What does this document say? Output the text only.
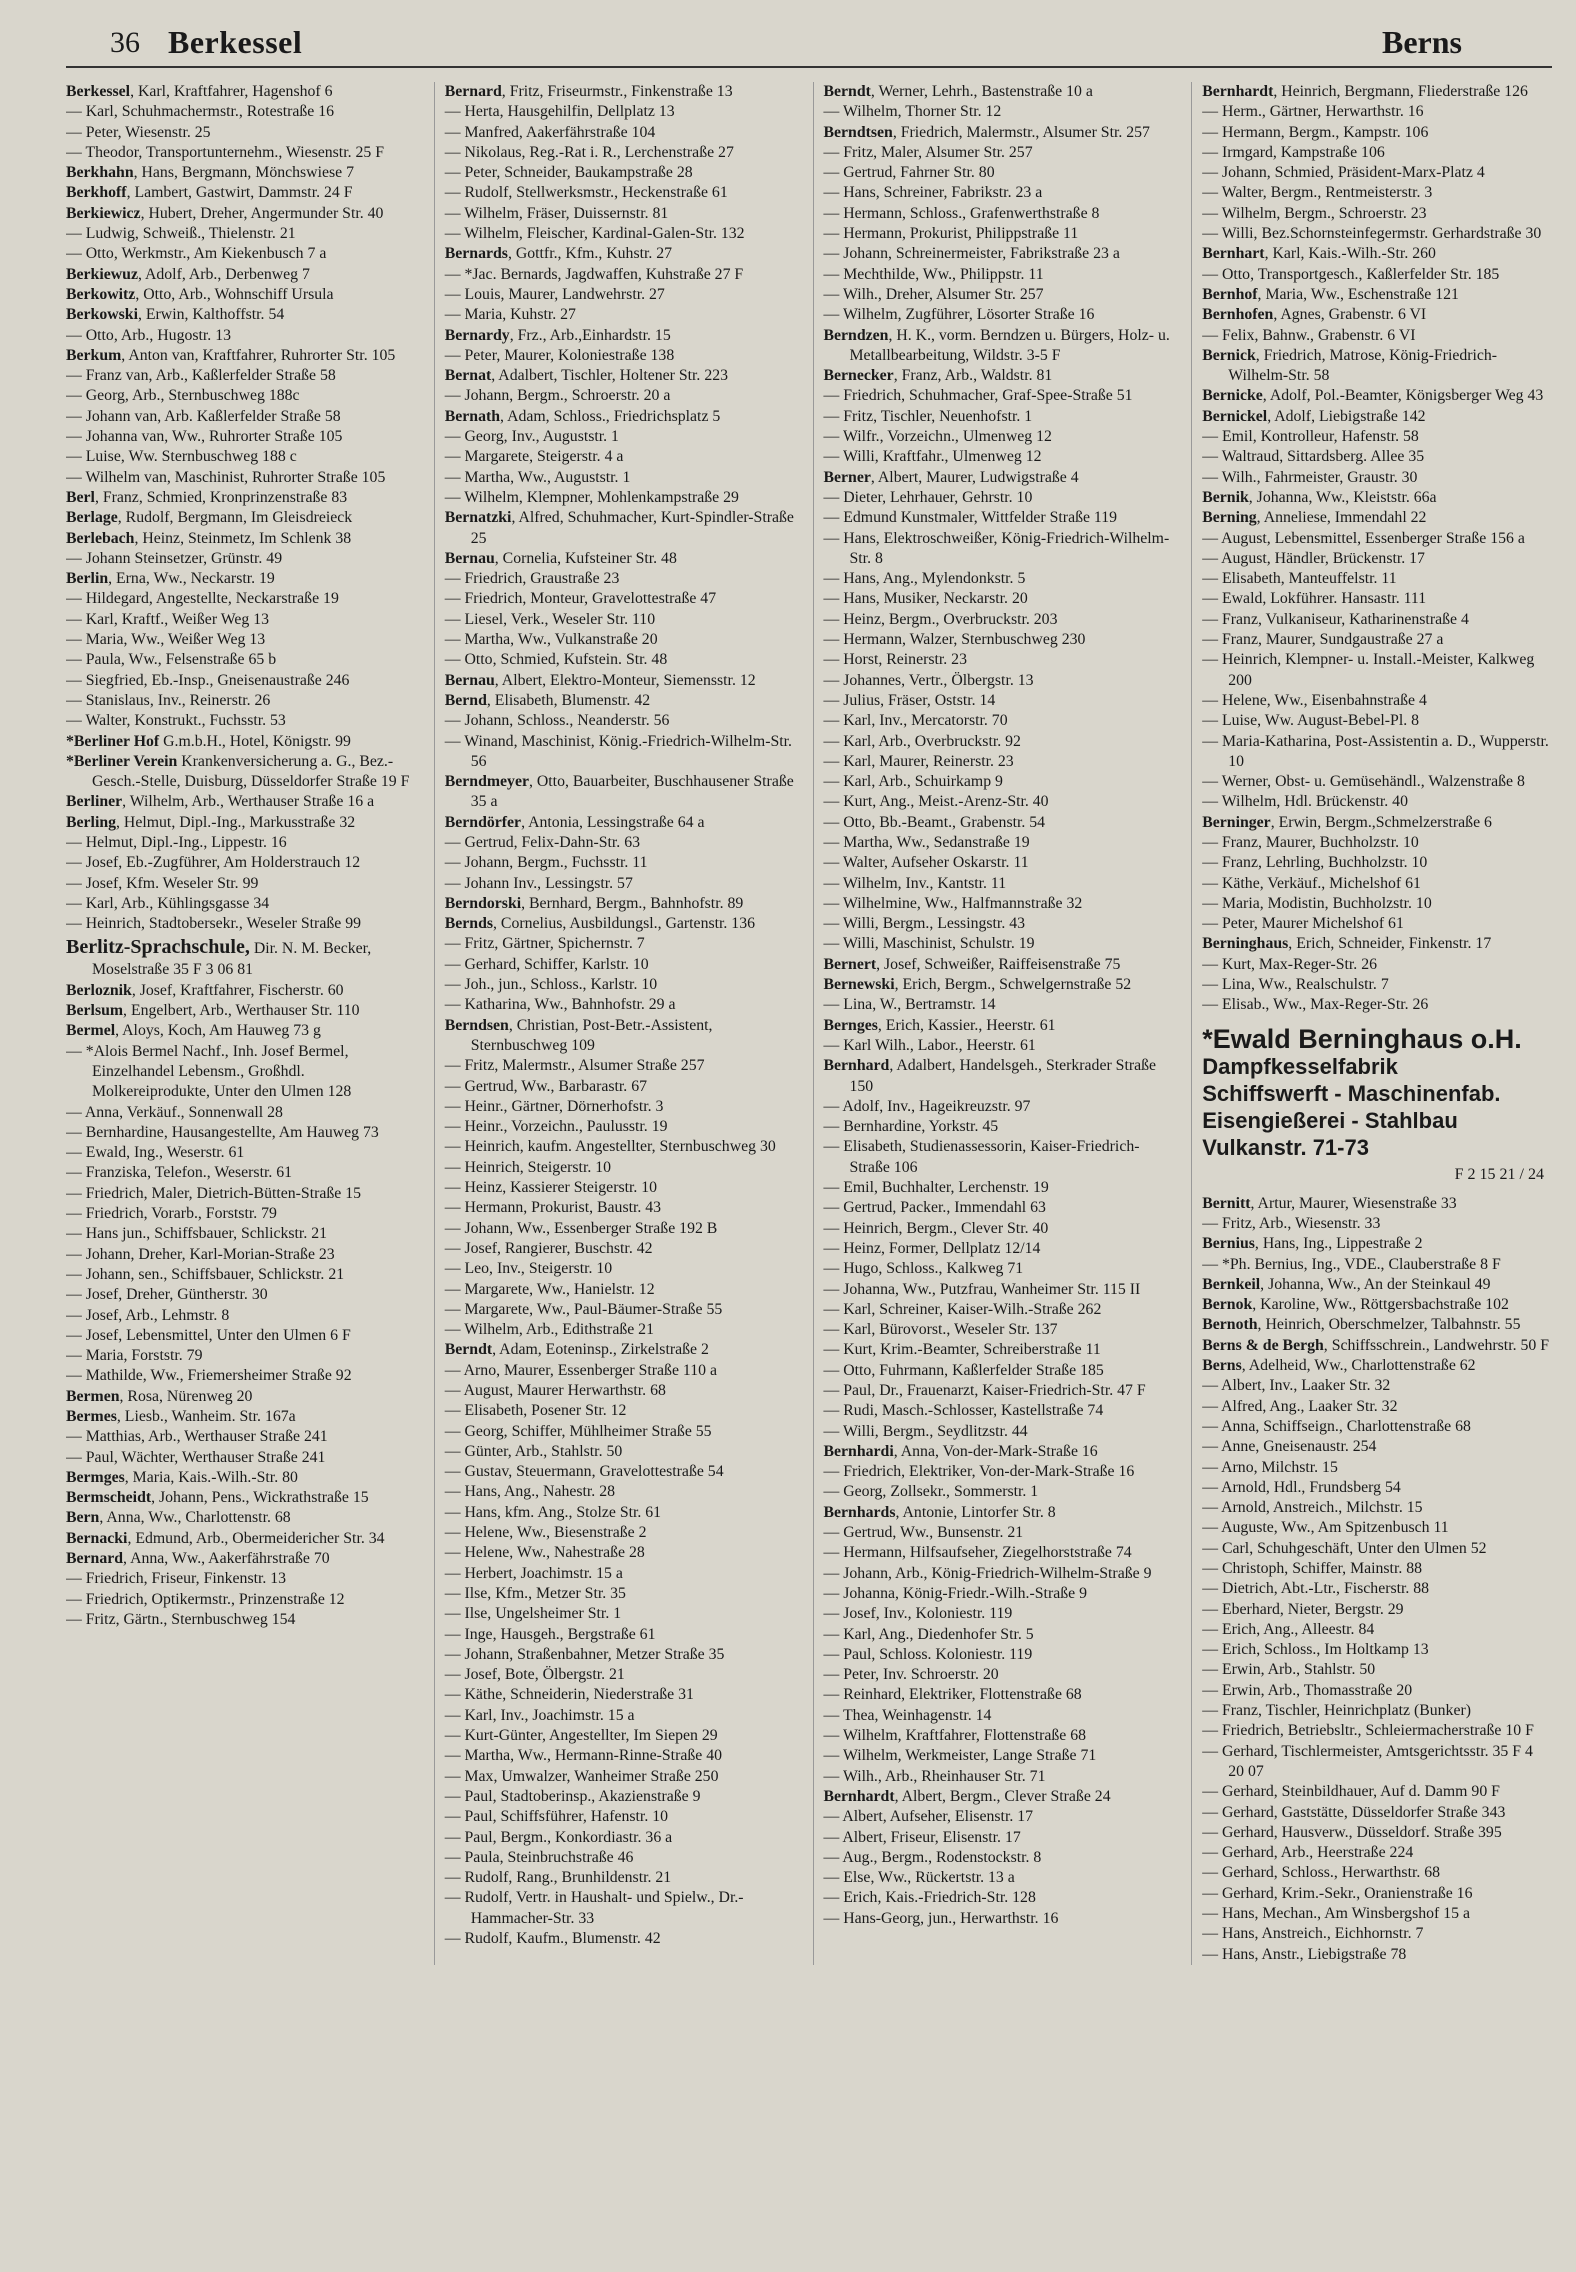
36 Berkessel	Berns

Berkessel, Karl, Kraftfahrer, Hagenshof 6

— Karl, Schuhmachermstr., Rotestraße 16

— Peter, Wiesenstr. 25

— Theodor, Transportunternehm., Wiesenstr. 25 F

Berkhahn, Hans, Bergmann, Mönchswiese 7

Berkhoff, Lambert, Gastwirt, Dammstr. 24 F

Berkiewicz, Hubert, Dreher, Angermunder Str. 40

— Ludwig, Schweiß., Thielenstr. 21

— Otto, Werkmstr., Am Kiekenbusch 7 a

Berkiewuz, Adolf, Arb., Derbenweg 7

Berkowitz, Otto, Arb., Wohnschiff Ursula

Berkowski, Erwin, Kalthoffstr. 54

— Otto, Arb., Hugostr. 13

Berkum, Anton van, Kraftfahrer, Ruhrorter Str. 105

— Franz van, Arb., Kaßlerfelder Straße 58

— Georg, Arb., Sternbuschweg 188c

— Johann van, Arb. Kaßlerfelder Straße 58

— Johanna van, Ww., Ruhrorter Straße 105

— Luise, Ww. Sternbuschweg 188 c

— Wilhelm van, Maschinist, Ruhrorter Straße 105

Berl, Franz, Schmied, Kronprinzenstraße 83

Berlage, Rudolf, Bergmann, Im Gleisdreieck

Berlebach, Heinz, Steinmetz, Im Schlenk 38

— Johann Steinsetzer, Grünstr. 49

Berlin, Erna, Ww., Neckarstr. 19

— Hildegard, Angestellte, Neckarstraße 19

— Karl, Kraftf., Weißer Weg 13

— Maria, Ww., Weißer Weg 13

— Paula, Ww., Felsenstraße 65 b

— Siegfried, Eb.-Insp., Gneisenaustraße 246

— Stanislaus, Inv., Reinerstr. 26

— Walter, Konstrukt., Fuchsstr. 53

*Berliner Hof G.m.b.H., Hotel, Königstr. 99

*Berliner Verein Krankenversicherung a. G., Bez.-Gesch.-Stelle, Duisburg, Düsseldorfer Straße 19 F

Berliner, Wilhelm, Arb., Werthauser Straße 16 a

Berling, Helmut, Dipl.-Ing., Markusstraße 32

— Helmut, Dipl.-Ing., Lippestr. 16

— Josef, Eb.-Zugführer, Am Holderstrauch 12

— Josef, Kfm. Weseler Str. 99

— Karl, Arb., Kühlingsgasse 34

— Heinrich, Stadtobersekr., Weseler Straße 99

Berlitz-Sprachschule, Dir. N. M. Becker, Moselstraße 35 F 3 06 81

Berloznik, Josef, Kraftfahrer, Fischerstr. 60

Berlsum, Engelbert, Arb., Werthauser Str. 110

Bermel, Aloys, Koch, Am Hauweg 73 g

— *Alois Bermel Nachf., Inh. Josef Bermel, Einzelhandel Lebensm., Großhdl. Molkereiprodukte, Unter den Ulmen 128

— Anna, Verkäuf., Sonnenwall 28

— Bernhardine, Hausangestellte, Am Hauweg 73

— Ewald, Ing., Weserstr. 61

— Franziska, Telefon., Weserstr. 61

— Friedrich, Maler, Dietrich-Bütten-Straße 15

— Friedrich, Vorarb., Forststr. 79

— Hans jun., Schiffsbauer, Schlickstr. 21

— Johann, Dreher, Karl-Morian-Straße 23

— Johann, sen., Schiffsbauer, Schlickstr. 21

— Josef, Dreher, Güntherstr. 30

— Josef, Arb., Lehmstr. 8

— Josef, Lebensmittel, Unter den Ulmen 6 F

— Maria, Forststr. 79

— Mathilde, Ww., Friemersheimer Straße 92

Bermen, Rosa, Nürenweg 20

Bermes, Liesb., Wanheim. Str. 167a

— Matthias, Arb., Werthauser Straße 241

— Paul, Wächter, Werthauser Straße 241

Bermges, Maria, Kais.-Wilh.-Str. 80

Bermscheidt, Johann, Pens., Wickrathstraße 15

Bern, Anna, Ww., Charlottenstr. 68

Bernacki, Edmund, Arb., Obermeidericher Str. 34

Bernard, Anna, Ww., Aakerfährstraße 70

— Friedrich, Friseur, Finkenstr. 13

— Friedrich, Optikermstr., Prinzenstraße 12

— Fritz, Gärtn., Sternbuschweg 154

Bernard, Fritz, Friseurmstr., Finkenstraße 13

— Herta, Hausgehilfin, Dellplatz 13

— Manfred, Aakerfährstraße 104

— Nikolaus, Reg.-Rat i. R., Lerchenstraße 27

— Peter, Schneider, Baukampstraße 28

— Rudolf, Stellwerksmstr., Heckenstraße 61

— Wilhelm, Fräser, Duissernstr. 81

— Wilhelm, Fleischer, Kardinal-Galen-Str. 132

Bernards, Gottfr., Kfm., Kuhstr. 27

— *Jac. Bernards, Jagdwaffen, Kuhstraße 27 F

— Louis, Maurer, Landwehrstr. 27

— Maria, Kuhstr. 27

Bernardy, Frz., Arb.,Einhardstr. 15

— Peter, Maurer, Koloniestraße 138

Bernat, Adalbert, Tischler, Holtener Str. 223

— Johann, Bergm., Schroerstr. 20 a

Bernath, Adam, Schloss., Friedrichsplatz 5

— Georg, Inv., Auguststr. 1

— Margarete, Steigerstr. 4 a

— Martha, Ww., Auguststr. 1

— Wilhelm, Klempner, Mohlenkampstraße 29

Bernatzki, Alfred, Schuhmacher, Kurt-Spindler-Straße 25

Bernau, Cornelia, Kufsteiner Str. 48

— Friedrich, Graustraße 23

— Friedrich, Monteur, Gravelottestraße 47

— Liesel, Verk., Weseler Str. 110

— Martha, Ww., Vulkanstraße 20

— Otto, Schmied, Kufstein. Str. 48

Bernau, Albert, Elektro-Monteur, Siemensstr. 12

Bernd, Elisabeth, Blumenstr. 42

— Johann, Schloss., Neanderstr. 56

— Winand, Maschinist, König.-Friedrich-Wilhelm-Str. 56

Berndmeyer, Otto, Bauarbeiter, Buschhausener Straße 35 a

Berndörfer, Antonia, Lessingstraße 64 a

— Gertrud, Felix-Dahn-Str. 63

— Johann, Bergm., Fuchsstr. 11

— Johann Inv., Lessingstr. 57

Berndorski, Bernhard, Bergm., Bahnhofstr. 89

Bernds, Cornelius, Ausbildungsl., Gartenstr. 136

— Fritz, Gärtner, Spichernstr. 7

— Gerhard, Schiffer, Karlstr. 10

— Joh., jun., Schloss., Karlstr. 10

— Katharina, Ww., Bahnhofstr. 29 a

Berndsen, Christian, Post-Betr.-Assistent, Sternbuschweg 109

— Fritz, Malermstr., Alsumer Straße 257

— Gertrud, Ww., Barbarastr. 67

— Heinr., Gärtner, Dörnerhofstr. 3

— Heinr., Vorzeichn., Paulusstr. 19

— Heinrich, kaufm. Angestellter, Sternbuschweg 30

— Heinrich, Steigerstr. 10

— Heinz, Kassierer Steigerstr. 10

— Hermann, Prokurist, Baustr. 43

— Johann, Ww., Essenberger Straße 192 B

— Josef, Rangierer, Buschstr. 42

— Leo, Inv., Steigerstr. 10

— Margarete, Ww., Hanielstr. 12

— Margarete, Ww., Paul-Bäumer-Straße 55

— Wilhelm, Arb., Edithstraße 21

Berndt, Adam, Eoteninsp., Zirkelstraße 2

— Arno, Maurer, Essenberger Straße 110 a

— August, Maurer Herwarthstr. 68

— Elisabeth, Posener Str. 12

— Georg, Schiffer, Mühlheimer Straße 55

— Günter, Arb., Stahlstr. 50

— Gustav, Steuermann, Gravelottestraße 54

— Hans, Ang., Nahestr. 28

— Hans, kfm. Ang., Stolze Str. 61

— Helene, Ww., Biesenstraße 2

— Helene, Ww., Nahestraße 28

— Herbert, Joachimstr. 15 a

— Ilse, Kfm., Metzer Str. 35

— Ilse, Ungelsheimer Str. 1

— Inge, Hausgeh., Bergstraße 61

— Johann, Straßenbahner, Metzer Straße 35

— Josef, Bote, Ölbergstr. 21

— Käthe, Schneiderin, Niederstraße 31

— Karl, Inv., Joachimstr. 15 a

— Kurt-Günter, Angestellter, Im Siepen 29

— Martha, Ww., Hermann-Rinne-Straße 40

— Max, Umwalzer, Wanheimer Straße 250

— Paul, Stadtoberinsp., Akazienstraße 9

— Paul, Schiffsführer, Hafenstr. 10

— Paul, Bergm., Konkordiastr. 36 a

— Paula, Steinbruchstraße 46

— Rudolf, Rang., Brunhildenstr. 21

— Rudolf, Vertr. in Haushalt- und Spielw., Dr.-Hammacher-Str. 33

— Rudolf, Kaufm., Blumenstr. 42

Berndt, Werner, Lehrh., Bastenstraße 10 a

— Wilhelm, Thorner Str. 12

Berndtsen, Friedrich, Malermstr., Alsumer Str. 257

— Fritz, Maler, Alsumer Str. 257

— Gertrud, Fahrner Str. 80

— Hans, Schreiner, Fabrikstr. 23 a

— Hermann, Schloss., Grafenwerthstraße 8

— Hermann, Prokurist, Philippstraße 11

— Johann, Schreinermeister, Fabrikstraße 23 a

— Mechthilde, Ww., Philippstr. 11

— Wilh., Dreher, Alsumer Str. 257

— Wilhelm, Zugführer, Lösorter Straße 16

Berndzen, H. K., vorm. Berndzen u. Bürgers, Holz- u. Metallbearbeitung, Wildstr. 3-5 F

Bernecker, Franz, Arb., Waldstr. 81

— Friedrich, Schuhmacher, Graf-Spee-Straße 51

— Fritz, Tischler, Neuenhofstr. 1

— Wilfr., Vorzeichn., Ulmenweg 12

— Willi, Kraftfahr., Ulmenweg 12

Berner, Albert, Maurer, Ludwigstraße 4

— Dieter, Lehrhauer, Gehrstr. 10

— Edmund Kunstmaler, Wittfelder Straße 119

— Hans, Elektroschweißer, König-Friedrich-Wilhelm-Str. 8

— Hans, Ang., Mylendonkstr. 5

— Hans, Musiker, Neckarstr. 20

— Heinz, Bergm., Overbruckstr. 203

— Hermann, Walzer, Sternbuschweg 230

— Horst, Reinerstr. 23

— Johannes, Vertr., Ölbergstr. 13

— Julius, Fräser, Oststr. 14

— Karl, Inv., Mercatorstr. 70

— Karl, Arb., Overbruckstr. 92

— Karl, Maurer, Reinerstr. 23

— Karl, Arb., Schuirkamp 9

— Kurt, Ang., Meist.-Arenz-Str. 40

— Otto, Bb.-Beamt., Grabenstr. 54

— Martha, Ww., Sedanstraße 19

— Walter, Aufseher Oskarstr. 11

— Wilhelm, Inv., Kantstr. 11

— Wilhelmine, Ww., Halfmannstraße 32

— Willi, Bergm., Lessingstr. 43

— Willi, Maschinist, Schulstr. 19

Bernert, Josef, Schweißer, Raiffeisenstraße 75

Bernewski, Erich, Bergm., Schwelgernstraße 52

— Lina, W., Bertramstr. 14

Bernges, Erich, Kassier., Heerstr. 61

— Karl Wilh., Labor., Heerstr. 61

Bernhard, Adalbert, Handelsgeh., Sterkrader Straße 150

— Adolf, Inv., Hageikreuzstr. 97

— Bernhardine, Yorkstr. 45

— Elisabeth, Studienassessorin, Kaiser-Friedrich-Straße 106

— Emil, Buchhalter, Lerchenstr. 19

— Gertrud, Packer., Immendahl 63

— Heinrich, Bergm., Clever Str. 40

— Heinz, Former, Dellplatz 12/14

— Hugo, Schloss., Kalkweg 71

— Johanna, Ww., Putzfrau, Wanheimer Str. 115 II

— Karl, Schreiner, Kaiser-Wilh.-Straße 262

— Karl, Bürovorst., Weseler Str. 137

— Kurt, Krim.-Beamter, Schreiberstraße 11

— Otto, Fuhrmann, Kaßlerfelder Straße 185

— Paul, Dr., Frauenarzt, Kaiser-Friedrich-Str. 47 F

— Rudi, Masch.-Schlosser, Kastellstraße 74

— Willi, Bergm., Seydlitzstr. 44

Bernhardi, Anna, Von-der-Mark-Straße 16

— Friedrich, Elektriker, Von-der-Mark-Straße 16

— Georg, Zollsekr., Sommerstr. 1

Bernhards, Antonie, Lintorfer Str. 8

— Gertrud, Ww., Bunsenstr. 21

— Hermann, Hilfsaufseher, Ziegelhorststraße 74

— Johann, Arb., König-Friedrich-Wilhelm-Straße 9

— Johanna, König-Friedr.-Wilh.-Straße 9

— Josef, Inv., Koloniestr. 119

— Karl, Ang., Diedenhofer Str. 5

— Paul, Schloss. Koloniestr. 119

— Peter, Inv. Schroerstr. 20

— Reinhard, Elektriker, Flottenstraße 68

— Thea, Weinhagenstr. 14

— Wilhelm, Kraftfahrer, Flottenstraße 68

— Wilhelm, Werkmeister, Lange Straße 71

— Wilh., Arb., Rheinhauser Str. 71

Bernhardt, Albert, Bergm., Clever Straße 24

— Albert, Aufseher, Elisenstr. 17

— Albert, Friseur, Elisenstr. 17

— Aug., Bergm., Rodenstockstr. 8

— Else, Ww., Rückertstr. 13 a

— Erich, Kais.-Friedrich-Str. 128

— Hans-Georg, jun., Herwarthstr. 16

Bernhardt, Heinrich, Bergmann, Fliederstraße 126

— Herm., Gärtner, Herwarthstr. 16

— Hermann, Bergm., Kampstr. 106

— Irmgard, Kampstraße 106

— Johann, Schmied, Präsident-Marx-Platz 4

— Walter, Bergm., Rentmeisterstr. 3

— Wilhelm, Bergm., Schroerstr. 23

— Willi, Bez.Schornsteinfegermstr. Gerhardstraße 30

Bernhart, Karl, Kais.-Wilh.-Str. 260

— Otto, Transportgesch., Kaßlerfelder Str. 185

Bernhof, Maria, Ww., Eschenstraße 121

Bernhofen, Agnes, Grabenstr. 6 VI

— Felix, Bahnw., Grabenstr. 6 VI

Bernick, Friedrich, Matrose, König-Friedrich-Wilhelm-Str. 58

Bernicke, Adolf, Pol.-Beamter, Königsberger Weg 43

Bernickel, Adolf, Liebigstraße 142

— Emil, Kontrolleur, Hafenstr. 58

— Waltraud, Sittardsberg. Allee 35

— Wilh., Fahrmeister, Graustr. 30

Bernik, Johanna, Ww., Kleiststr. 66a

Berning, Anneliese, Immendahl 22

— August, Lebensmittel, Essenberger Straße 156 a

— August, Händler, Brückenstr. 17

— Elisabeth, Manteuffelstr. 11

— Ewald, Lokführer. Hansastr. 111

— Franz, Vulkaniseur, Katharinenstraße 4

— Franz, Maurer, Sundgaustraße 27 a

— Heinrich, Klempner- u. Install.-Meister, Kalkweg 200

— Helene, Ww., Eisenbahnstraße 4

— Luise, Ww. August-Bebel-Pl. 8

— Maria-Katharina, Post-Assistentin a. D., Wupperstr. 10

— Werner, Obst- u. Gemüsehändl., Walzenstraße 8

— Wilhelm, Hdl. Brückenstr. 40

Berninger, Erwin, Bergm.,Schmelzerstraße 6

— Franz, Maurer, Buchholzstr. 10

— Franz, Lehrling, Buchholzstr. 10

— Käthe, Verkäuf., Michelshof 61

— Maria, Modistin, Buchholzstr. 10

— Peter, Maurer Michelshof 61

Berninghaus, Erich, Schneider, Finkenstr. 17

— Kurt, Max-Reger-Str. 26

— Lina, Ww., Realschulstr. 7

— Elisab., Ww., Max-Reger-Str. 26

*Ewald Berninghaus o.H.
Dampfkesselfabrik
Schiffswerft - Maschinenfab.
Eisengießerei - Stahlbau
Vulkanstr. 71-73
F 2 15 21 / 24

Bernitt, Artur, Maurer, Wiesenstraße 33

— Fritz, Arb., Wiesenstr. 33

Bernius, Hans, Ing., Lippestraße 2

— *Ph. Bernius, Ing., VDE., Clauberstraße 8 F

Bernkeil, Johanna, Ww., An der Steinkaul 49

Bernok, Karoline, Ww., Röttgersbachstraße 102

Bernoth, Heinrich, Oberschmelzer, Talbahnstr. 55

Berns & de Bergh, Schiffsschrein., Landwehrstr. 50 F

Berns, Adelheid, Ww., Charlottenstraße 62

— Albert, Inv., Laaker Str. 32

— Alfred, Ang., Laaker Str. 32

— Anna, Schiffseign., Charlottenstraße 68

— Anne, Gneisenaustr. 254

— Arno, Milchstr. 15

— Arnold, Hdl., Frundsberg 54

— Arnold, Anstreich., Milchstr. 15

— Auguste, Ww., Am Spitzenbusch 11

— Carl, Schuhgeschäft, Unter den Ulmen 52

— Christoph, Schiffer, Mainstr. 88

— Dietrich, Abt.-Ltr., Fischerstr. 88

— Eberhard, Nieter, Bergstr. 29

— Erich, Ang., Alleestr. 84

— Erich, Schloss., Im Holtkamp 13

— Erwin, Arb., Stahlstr. 50

— Erwin, Arb., Thomasstraße 20

— Franz, Tischler, Heinrichplatz (Bunker)

— Friedrich, Betriebsltr., Schleiermacherstraße 10 F

— Gerhard, Tischlermeister, Amtsgerichtsstr. 35 F 4 20 07

— Gerhard, Steinbildhauer, Auf d. Damm 90 F

— Gerhard, Gaststätte, Düsseldorfer Straße 343

— Gerhard, Hausverw., Düsseldorf. Straße 395

— Gerhard, Arb., Heerstraße 224

— Gerhard, Schloss., Herwarthstr. 68

— Gerhard, Krim.-Sekr., Oranienstraße 16

— Hans, Mechan., Am Winsbergshof 15 a

— Hans, Anstreich., Eichhornstr. 7

— Hans, Anstr., Liebigstraße 78
